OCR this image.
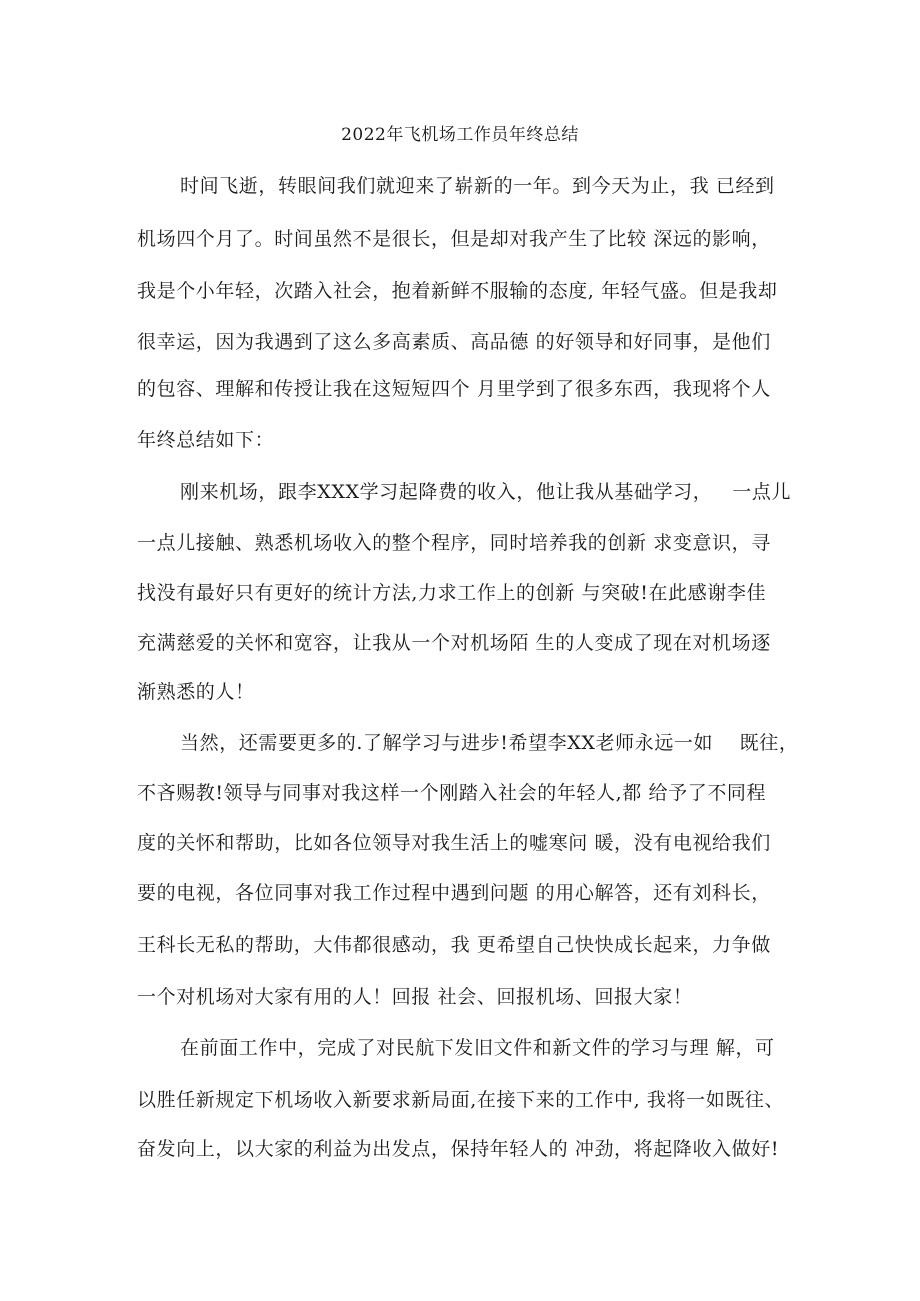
2022年飞机场工作员年终总结
时间飞逝，转眼间我们就迎来了崭新的一年。到今天为止，我 已经到
机场四个月了。时间虽然不是很长，但是却对我产生了比较 深远的影响，
我是个小年轻，次踏入社会，抱着新鲜不服输的态度, 年轻气盛。但是我却
很幸运，因为我遇到了这么多高素质、高品德 的好领导和好同事，是他们
的包容、理解和传授让我在这短短四个 月里学到了很多东西，我现将个人
年终总结如下：
刚来机场，跟李XXX学习起降费的收入，他让我从基础学习，   一点儿
一点儿接触、熟悉机场收入的整个程序，同时培养我的创新 求变意识，寻
找没有最好只有更好的统计方法,力求工作上的创新 与突破!在此感谢李佳
充满慈爱的关怀和宽容，让我从一个对机场陌 生的人变成了现在对机场逐
渐熟悉的人！
当然，还需要更多的.了解学习与进步!希望李XX老师永远一如    既往，
不吝赐教!领导与同事对我这样一个刚踏入社会的年轻人,都 给予了不同程
度的关怀和帮助，比如各位领导对我生活上的嘘寒问 暖，没有电视给我们
要的电视，各位同事对我工作过程中遇到问题 的用心解答，还有刘科长，
王科长无私的帮助，大伟都很感动，我 更希望自己快快成长起来，力争做
一个对机场对大家有用的人！回报 社会、回报机场、回报大家！
在前面工作中，完成了对民航下发旧文件和新文件的学习与理 解，可
以胜任新规定下机场收入新要求新局面,在接下来的工作中, 我将一如既往、
奋发向上，以大家的利益为出发点，保持年轻人的 冲劲，将起降收入做好!
